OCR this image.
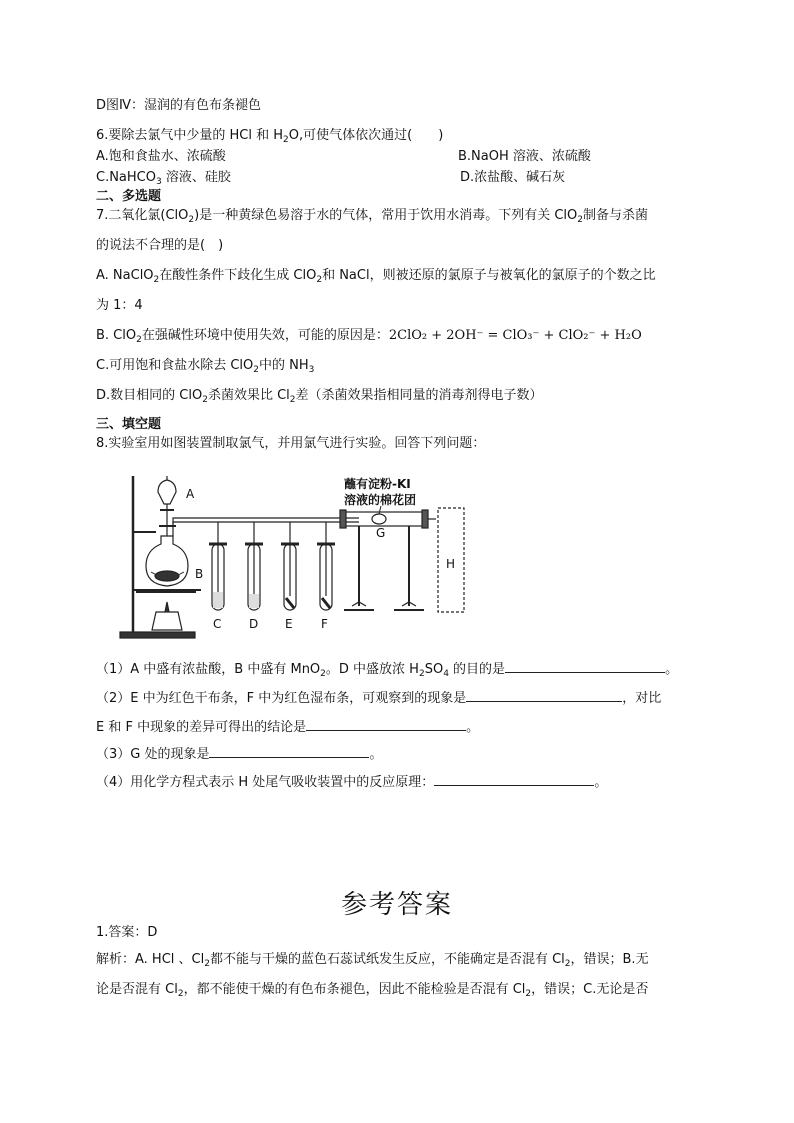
D图Ⅳ：湿润的有色布条褪色
6.要除去氯气中少量的 HCl 和 $H_2O$,可使气体依次通过(　　)
A.饱和食盐水、浓硫酸	B.NaOH 溶液、浓硫酸
C.NaHCO$_3$ 溶液、硅胶	D.浓盐酸、碱石灰
二、多选题
7.二氧化氯(ClO$_2$)是一种黄绿色易溶于水的气体，常用于饮用水消毒。下列有关 ClO$_2$制备与杀菌
的说法不合理的是(　)
A. NaClO$_2$在酸性条件下歧化生成 ClO$_2$和 NaCl，则被还原的氯原子与被氧化的氯原子的个数之比
为 1：4
B. ClO$_2$在强碱性环境中使用失效，可能的原因是：2ClO₂ + 2OH⁻ = ClO₃⁻ + ClO₂⁻ + H₂O
C.可用饱和食盐水除去 ClO$_2$中的 $NH_3$
D.数目相同的 ClO$_2$杀菌效果比 $Cl_2$差（杀菌效果指相同量的消毒剂得电子数）
三、填空题
8.实验室用如图装置制取氯气，并用氯气进行实验。回答下列问题：
A
B
C D E F
G
H
蘸有淀粉-KI
溶液的棉花团
（1）A 中盛有浓盐酸，B 中盛有 MnO$_2$。D 中盛放浓 $H_2SO_4$ 的目的是	。
（2）E 中为红色干布条，F 中为红色湿布条，可观察到的现象是	，对比
E 和 F 中现象的差异可得出的结论是	。
（3）G 处的现象是	。
（4）用化学方程式表示 H 处尾气吸收装置中的反应原理：	。
参考答案
1.答案：D
解析：A. HCl 、$Cl_2$都不能与干燥的蓝色石蕊试纸发生反应，不能确定是否混有 $Cl_2$，错误；B.无
论是否混有 $Cl_2$，都不能使干燥的有色布条褪色，因此不能检验是否混有 $Cl_2$，错误；C.无论是否
